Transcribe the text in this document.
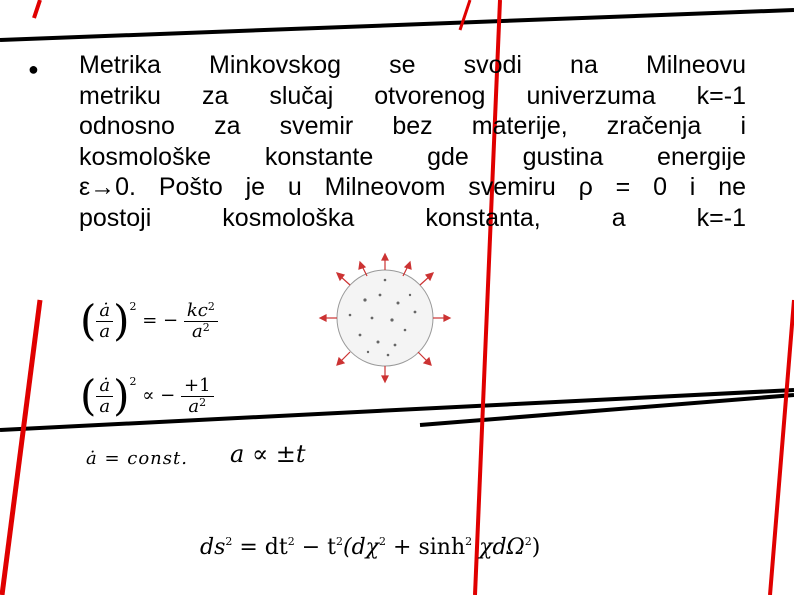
● Metrika Minkovskog se svodi na Milneovu
metriku za slučaj otvorenog univerzuma k=-1
odnosno za svemir bez materije, zračenja i
kosmološke konstante gde gustina energije
ε→0. Pošto je u Milneovom svemiru ρ = 0 i ne
postoji kosmološka konstanta, a k=-1
( $\frac{ȧ}{a} )^2$ = − $\frac{kc^2}{a^2}$
( $\frac{ȧ}{a} )^2$ ∝ − $\frac{+1}{a^2}$
ȧ = const. a ∝ ±t
$ds^2 = dt^2 - t^2(d\chi^2 + \sinh^2 \chi d\Omega^2)$
